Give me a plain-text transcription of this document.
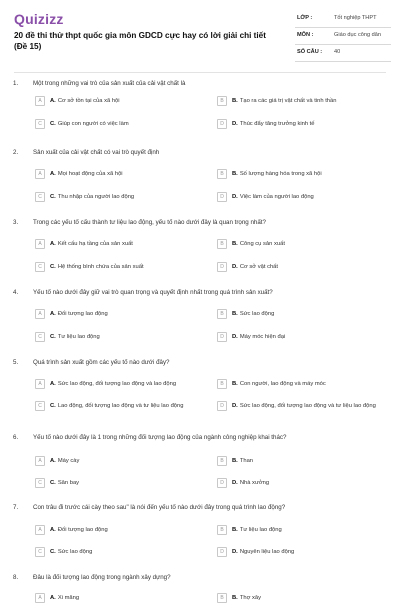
Quizizz
20 đề thi thử thpt quốc gia môn GDCD cực hay có lời giải chi tiết (Đề 15)
LỚP :	Tốt nghiệp THPT
MÔN :	Giáo dục công dân
SỐ CÂU : 40
1. Một trong những vai trò của sản xuất của cải vật chất là
A	A. Cơ sở tồn tại của xã hội	B	B. Tạo ra các giá trị vật chất và tinh thần
C	C. Giúp con người có việc làm	D	D. Thúc đẩy tăng trưởng kinh tế
2. Sản xuất của cải vật chất có vai trò quyết định
A	A. Mọi hoạt động của xã hội	B	B. Số lượng hàng hóa trong xã hội
C	C. Thu nhập của người lao động	D	D. Việc làm của người lao động
3. Trong các yếu tố cấu thành tư liệu lao động, yếu tố nào dưới đây là quan trọng nhất?
A	A. Kết cấu hạ tầng của sản xuất	B	B. Công cụ sản xuất
C	C. Hệ thống bình chứa của sản xuất	D	D. Cơ sở vật chất
4. Yếu tố nào dưới đây giữ vai trò quan trọng và quyết định nhất trong quá trình sản xuất?
A	A. Đối tượng lao động	B	B. Sức lao động
C	C. Tư liệu lao động	D	D. Máy móc hiện đại
5. Quá trình sản xuất gồm các yếu tố nào dưới đây?
A	A. Sức lao động, đối tượng lao động và lao động	B	B. Con người, lao động và máy móc
C	C. Lao động, đối tượng lao động và tư liệu lao động	D	D. Sức lao động, đối tượng lao động và tư liệu lao động
6. Yếu tố nào dưới đây là 1 trong những đối tượng lao động của ngành công nghiệp khai thác?
A	A. Máy cày	B	B. Than
C	C. Sân bay	D	D. Nhà xưởng
7. Con trâu đi trước cái cày theo sau" là nói đến yếu tố nào dưới đây trong quá trình lao động?
A	A. Đối tượng lao động	B	B. Tư liệu lao động
C	C. Sức lao động	D	D. Nguyên liệu lao động
8. Đâu là đối tượng lao động trong ngành xây dựng?
A	A. Xi măng	B	B. Thợ xây
